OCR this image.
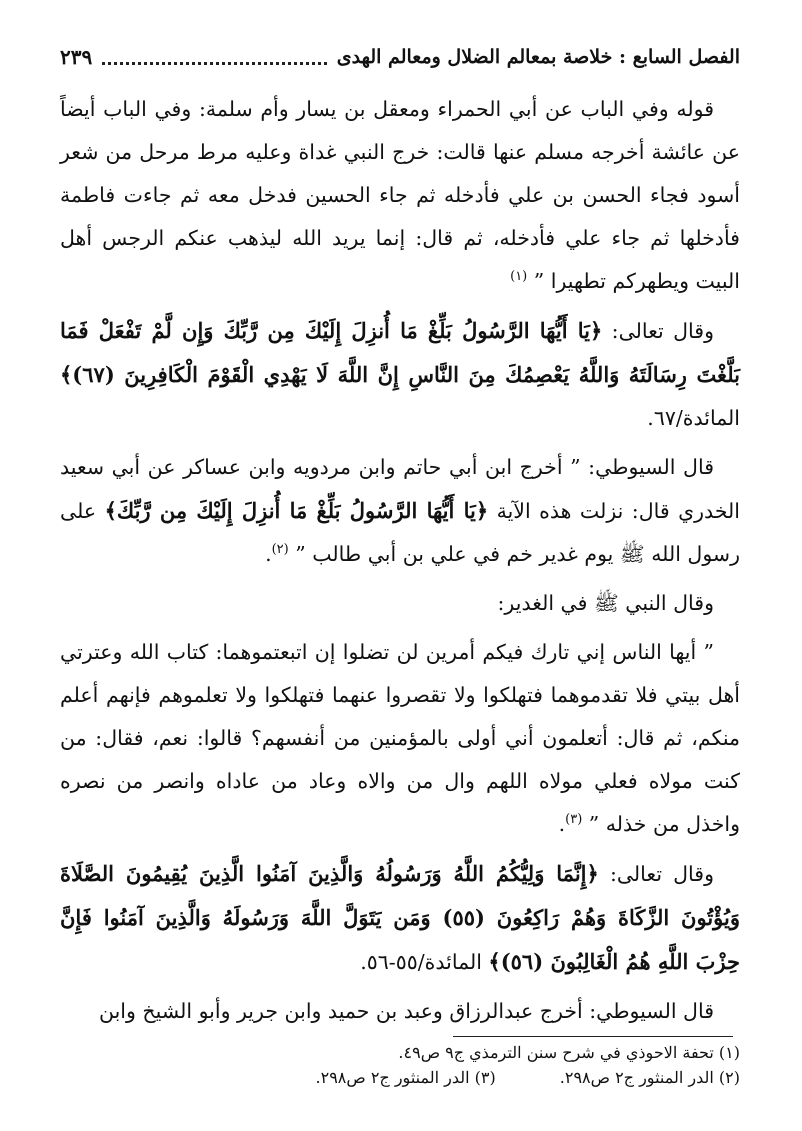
الفصل السابع : خلاصة بمعالم الضلال ومعالم الهدى
٢٣٩

قوله وفي الباب عن أبي الحمراء ومعقل بن يسار وأم سلمة: وفي الباب أيضاً عن عائشة أخرجه مسلم عنها قالت: خرج النبي غداة وعليه مرط مرحل من شعر أسود فجاء الحسن بن علي فأدخله ثم جاء الحسين فدخل معه ثم جاءت فاطمة فأدخلها ثم جاء علي فأدخله، ثم قال: إنما يريد الله ليذهب عنكم الرجس أهل البيت ويطهركم تطهيرا ” $^{(١)}$

وقال تعالى: ﴿يَا أَيُّهَا الرَّسُولُ بَلِّغْ مَا أُنزِلَ إِلَيْكَ مِن رَّبِّكَ وَإِن لَّمْ تَفْعَلْ فَمَا بَلَّغْتَ رِسَالَتَهُ وَاللَّهُ يَعْصِمُكَ مِنَ النَّاسِ إِنَّ اللَّهَ لَا يَهْدِي الْقَوْمَ الْكَافِرِينَ (٦٧)﴾ المائدة/٦٧.

قال السيوطي: ” أخرج ابن أبي حاتم وابن مردويه وابن عساكر عن أبي سعيد الخدري قال: نزلت هذه الآية ﴿يَا أَيُّهَا الرَّسُولُ بَلِّغْ مَا أُنزِلَ إِلَيْكَ مِن رَّبِّكَ﴾ على رسول الله ﷺ يوم غدير خم في علي بن أبي طالب ” $^{(٢)}$.

وقال النبي ﷺ في الغدير:

” أيها الناس إني تارك فيكم أمرين لن تضلوا إن اتبعتموهما: كتاب الله وعترتي أهل بيتي فلا تقدموهما فتهلكوا ولا تقصروا عنهما فتهلكوا ولا تعلموهم فإنهم أعلم منكم، ثم قال: أتعلمون أني أولى بالمؤمنين من أنفسهم؟ قالوا: نعم، فقال: من كنت مولاه فعلي مولاه اللهم وال من والاه وعاد من عاداه وانصر من نصره واخذل من خذله ” $^{(٣)}$.

وقال تعالى: ﴿إِنَّمَا وَلِيُّكُمُ اللَّهُ وَرَسُولُهُ وَالَّذِينَ آمَنُوا الَّذِينَ يُقِيمُونَ الصَّلَاةَ وَيُؤْتُونَ الزَّكَاةَ وَهُمْ رَاكِعُونَ (٥٥) وَمَن يَتَوَلَّ اللَّهَ وَرَسُولَهُ وَالَّذِينَ آمَنُوا فَإِنَّ حِزْبَ اللَّهِ هُمُ الْغَالِبُونَ (٥٦)﴾ المائدة/٥٥-٥٦.

قال السيوطي: أخرج عبدالرزاق وعبد بن حميد وابن جرير وأبو الشيخ وابن

(١) تحفة الاحوذي في شرح سنن الترمذي ج٩ ص٤٩.
(٢) الدر المنثور ج٢ ص٢٩٨.
(٣) الدر المنثور ج٢ ص٢٩٨.
